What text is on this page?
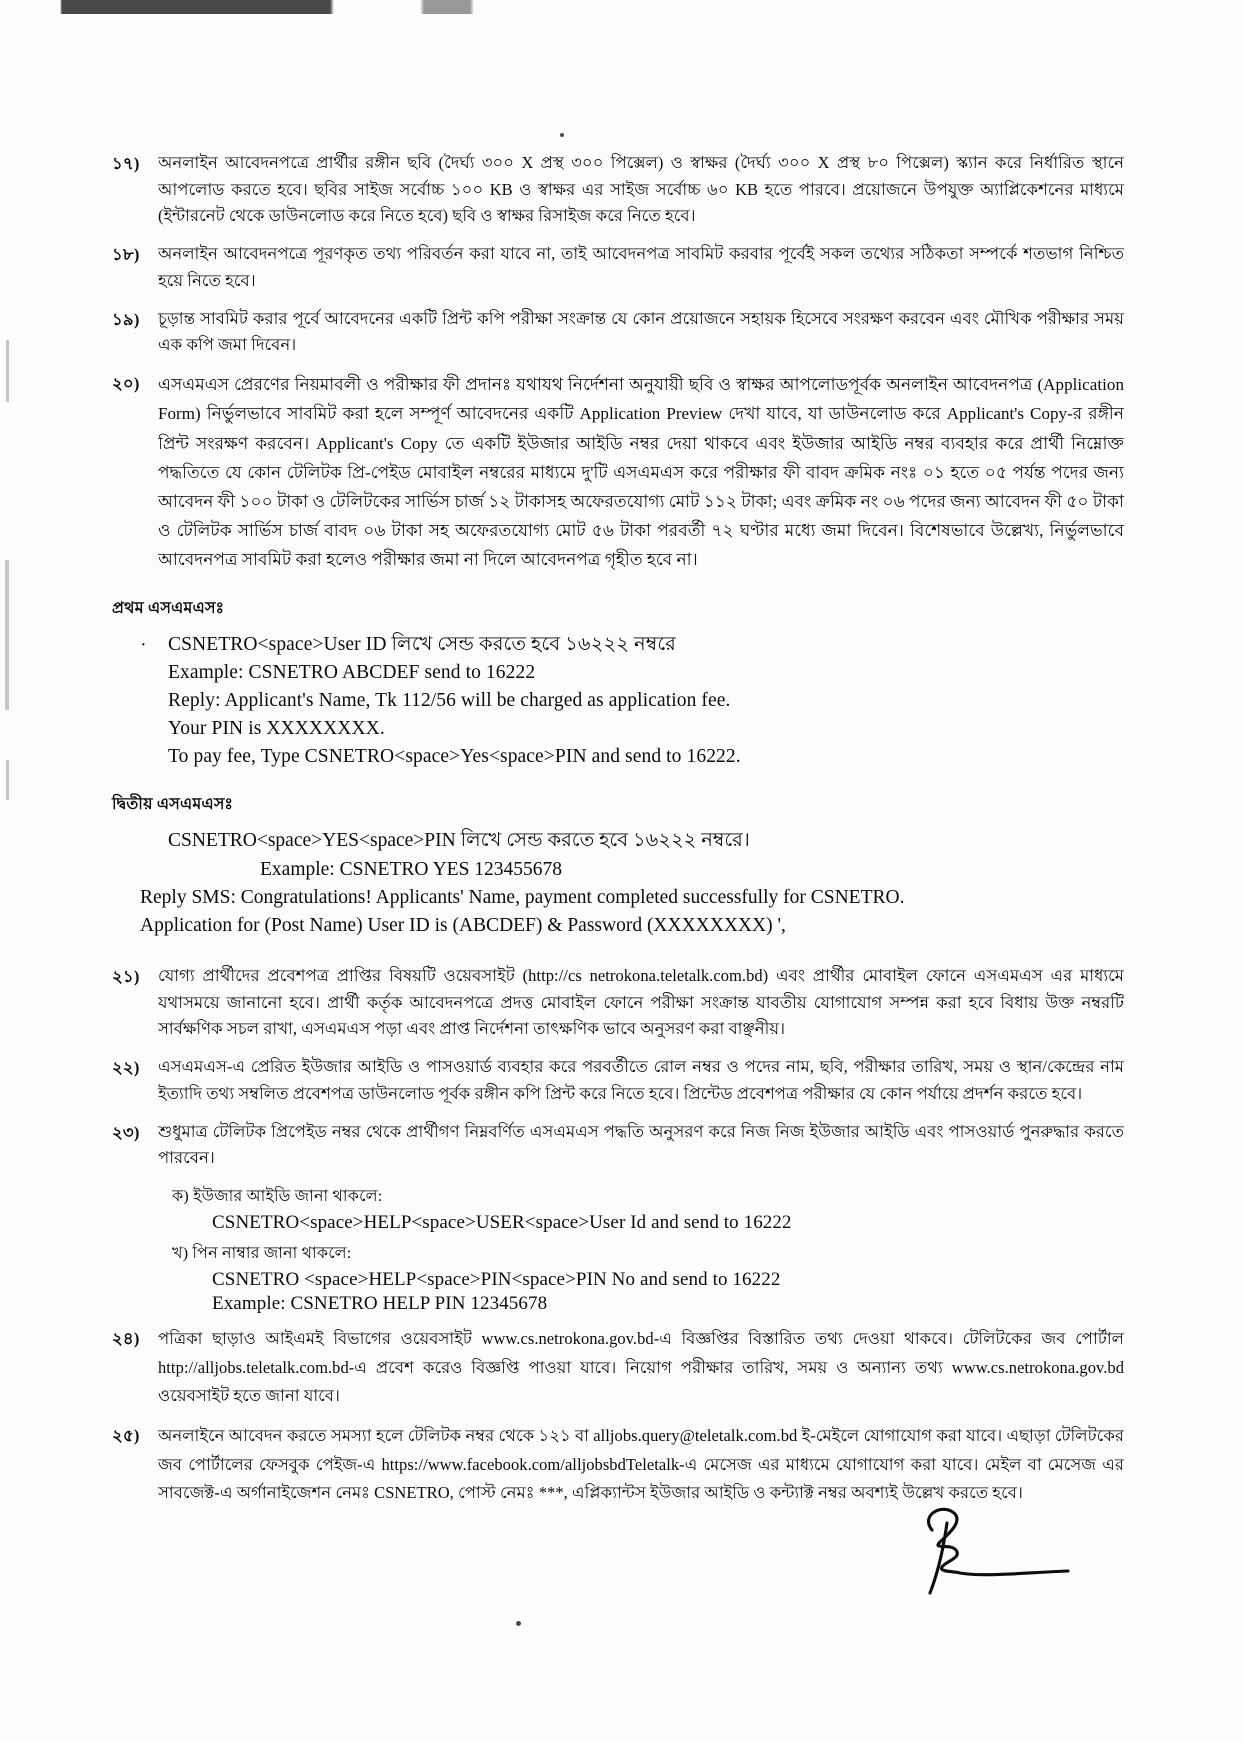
১৭)	অনলাইন আবেদনপত্রে প্রার্থীর রঙ্গীন ছবি (দৈর্ঘ্য ৩০০ X প্রস্থ ৩০০ পিক্সেল) ও স্বাক্ষর (দৈর্ঘ্য ৩০০ X প্রস্থ ৮০ পিক্সেল) স্ক্যান করে নির্ধারিত স্থানে আপলোড করতে হবে। ছবির সাইজ সর্বোচ্চ ১০০ KB ও স্বাক্ষর এর সাইজ সর্বোচ্চ ৬০ KB হতে পারবে। প্রয়োজনে উপযুক্ত অ্যাপ্লিকেশনের মাধ্যমে (ইন্টারনেট থেকে ডাউনলোড করে নিতে হবে) ছবি ও স্বাক্ষর রিসাইজ করে নিতে হবে।
১৮)	অনলাইন আবেদনপত্রে পূরণকৃত তথ্য পরিবর্তন করা যাবে না, তাই আবেদনপত্র সাবমিট করবার পূর্বেই সকল তথ্যের সঠিকতা সম্পর্কে শতভাগ নিশ্চিত হয়ে নিতে হবে।
১৯)	চূড়ান্ত সাবমিট করার পূর্বে আবেদনের একটি প্রিন্ট কপি পরীক্ষা সংক্রান্ত যে কোন প্রয়োজনে সহায়ক হিসেবে সংরক্ষণ করবেন এবং মৌখিক পরীক্ষার সময় এক কপি জমা দিবেন।
২০)	এসএমএস প্রেরণের নিয়মাবলী ও পরীক্ষার ফী প্রদানঃ যথাযথ নির্দেশনা অনুযায়ী ছবি ও স্বাক্ষর আপলোডপূর্বক অনলাইন আবেদনপত্র (Application Form) নির্ভুলভাবে সাবমিট করা হলে সম্পূর্ণ আবেদনের একটি Application Preview দেখা যাবে, যা ডাউনলোড করে Applicant's Copy-র রঙ্গীন প্রিন্ট সংরক্ষণ করবেন। Applicant's Copy তে একটি ইউজার আইডি নম্বর দেয়া থাকবে এবং ইউজার আইডি নম্বর ব্যবহার করে প্রার্থী নিম্নোক্ত পদ্ধতিতে যে কোন টেলিটক প্রি-পেইড মোবাইল নম্বরের মাধ্যমে দু'টি এসএমএস করে পরীক্ষার ফী বাবদ ক্রমিক নংঃ ০১ হতে ০৫ পর্যন্ত পদের জন্য আবেদন ফী ১০০ টাকা ও টেলিটকের সার্ভিস চার্জ ১২ টাকাসহ অফেরতযোগ্য মোট ১১২ টাকা; এবং ক্রমিক নং ০৬ পদের জন্য আবেদন ফী ৫০ টাকা ও টেলিটক সার্ভিস চার্জ বাবদ ০৬ টাকা সহ অফেরতযোগ্য মোট ৫৬ টাকা পরবর্তী ৭২ ঘণ্টার মধ্যে জমা দিবেন। বিশেষভাবে উল্লেখ্য, নির্ভুলভাবে আবেদনপত্র সাবমিট করা হলেও পরীক্ষার জমা না দিলে আবেদনপত্র গৃহীত হবে না।
প্রথম এসএমএসঃ
· CSNETRO<space>User ID লিখে সেন্ড করতে হবে ১৬২২২ নম্বরে
Example: CSNETRO ABCDEF send to 16222
Reply: Applicant's Name, Tk 112/56 will be charged as application fee.
Your PIN is XXXXXXXX.
To pay fee, Type CSNETRO<space>Yes<space>PIN and send to 16222.
দ্বিতীয় এসএমএসঃ
CSNETRO<space>YES<space>PIN লিখে সেন্ড করতে হবে ১৬২২২ নম্বরে।
Example: CSNETRO YES 123455678
Reply SMS: Congratulations! Applicants' Name, payment completed successfully for CSNETRO.
Application for (Post Name) User ID is (ABCDEF) & Password (XXXXXXXX) ',
২১)	যোগ্য প্রার্থীদের প্রবেশপত্র প্রাপ্তির বিষয়টি ওয়েবসাইট (http://cs netrokona.teletalk.com.bd) এবং প্রার্থীর মোবাইল ফোনে এসএমএস এর মাধ্যমে যথাসময়ে জানানো হবে। প্রার্থী কর্তৃক আবেদনপত্রে প্রদত্ত মোবাইল ফোনে পরীক্ষা সংক্রান্ত যাবতীয় যোগাযোগ সম্পন্ন করা হবে বিধায় উক্ত নম্বরটি সার্বক্ষণিক সচল রাখা, এসএমএস পড়া এবং প্রাপ্ত নির্দেশনা তাৎক্ষণিক ভাবে অনুসরণ করা বাঞ্ছনীয়।
২২)	এসএমএস-এ প্রেরিত ইউজার আইডি ও পাসওয়ার্ড ব্যবহার করে পরবর্তীতে রোল নম্বর ও পদের নাম, ছবি, পরীক্ষার তারিখ, সময় ও স্থান/কেন্দ্রের নাম ইত্যাদি তথ্য সম্বলিত প্রবেশপত্র ডাউনলোড পূর্বক রঙ্গীন কপি প্রিন্ট করে নিতে হবে। প্রিন্টেড প্রবেশপত্র পরীক্ষার যে কোন পর্যায়ে প্রদর্শন করতে হবে।
২৩)	শুধুমাত্র টেলিটক প্রিপেইড নম্বর থেকে প্রার্থীগণ নিম্নবর্ণিত এসএমএস পদ্ধতি অনুসরণ করে নিজ নিজ ইউজার আইডি এবং পাসওয়ার্ড পুনরুদ্ধার করতে পারবেন।
ক) ইউজার আইডি জানা থাকলে:
CSNETRO<space>HELP<space>USER<space>User Id and send to 16222
খ) পিন নাম্বার জানা থাকলে:
CSNETRO <space>HELP<space>PIN<space>PIN No and send to 16222
Example: CSNETRO HELP PIN 12345678
২৪)	পত্রিকা ছাড়াও আইএমই বিভাগের ওয়েবসাইট www.cs.netrokona.gov.bd-এ বিজ্ঞপ্তির বিস্তারিত তথ্য দেওয়া থাকবে। টেলিটকের জব পোর্টাল http://alljobs.teletalk.com.bd-এ প্রবেশ করেও বিজ্ঞপ্তি পাওয়া যাবে। নিয়োগ পরীক্ষার তারিখ, সময় ও অন্যান্য তথ্য www.cs.netrokona.gov.bd ওয়েবসাইট হতে জানা যাবে।
২৫)	অনলাইনে আবেদন করতে সমস্যা হলে টেলিটক নম্বর থেকে ১২১ বা alljobs.query@teletalk.com.bd ই-মেইলে যোগাযোগ করা যাবে। এছাড়া টেলিটকের জব পোর্টালের ফেসবুক পেইজ-এ https://www.facebook.com/alljobsbdTeletalk-এ মেসেজ এর মাধ্যমে যোগাযোগ করা যাবে। মেইল বা মেসেজ এর সাবজেক্ট-এ অর্গানাইজেশন নেমঃ CSNETRO, পোস্ট নেমঃ ***, এপ্লিক্যান্টস ইউজার আইডি ও কন্ট্যাক্ট নম্বর অবশ্যই উল্লেখ করতে হবে।
